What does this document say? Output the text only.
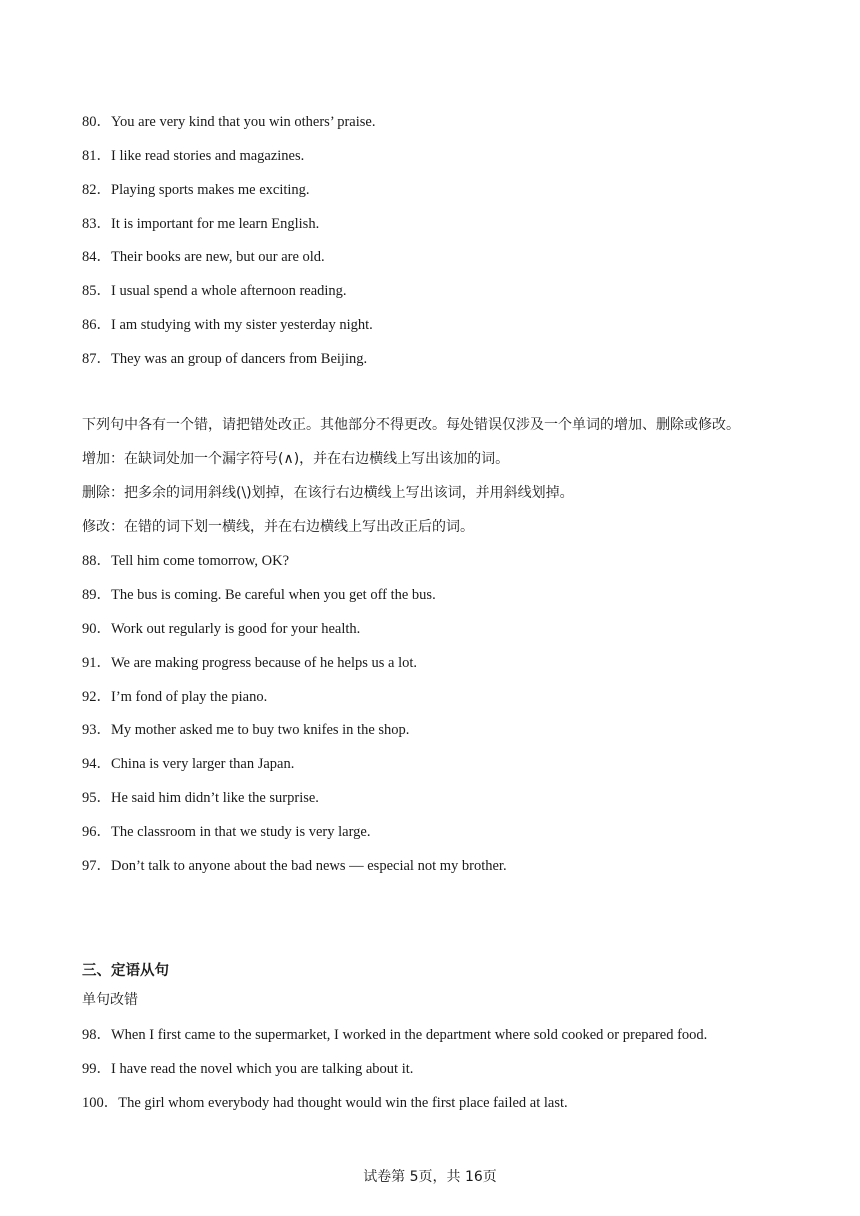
80．You are very kind that you win others’ praise.
81．I like read stories and magazines.
82．Playing sports makes me exciting.
83．It is important for me learn English.
84．Their books are new, but our are old.
85．I usual spend a whole afternoon reading.
86．I am studying with my sister yesterday night.
87．They was an group of dancers from Beijing.
下列句中各有一个错，请把错处改正。其他部分不得更改。每处错误仅涉及一个单词的增加、删除或修改。
增加：在缺词处加一个漏字符号(∧)，并在右边横线上写出该加的词。
删除：把多余的词用斜线(\)划掉，在该行右边横线上写出该词，并用斜线划掉。
修改：在错的词下划一横线，并在右边横线上写出改正后的词。
88．Tell him come tomorrow, OK?
89．The bus is coming. Be careful when you get off the bus.
90．Work out regularly is good for your health.
91．We are making progress because of he helps us a lot.
92．I’m fond of play the piano.
93．My mother asked me to buy two knifes in the shop.
94．China is very larger than Japan.
95．He said him didn’t like the surprise.
96．The classroom in that we study is very large.
97．Don’t talk to anyone about the bad news — especial not my brother.
三、定语从句
单句改错
98．When I first came to the supermarket, I worked in the department where sold cooked or prepared food.
99．I have read the novel which you are talking about it.
100．The girl whom everybody had thought would win the first place failed at last.
试卷第 5页，共 16页
